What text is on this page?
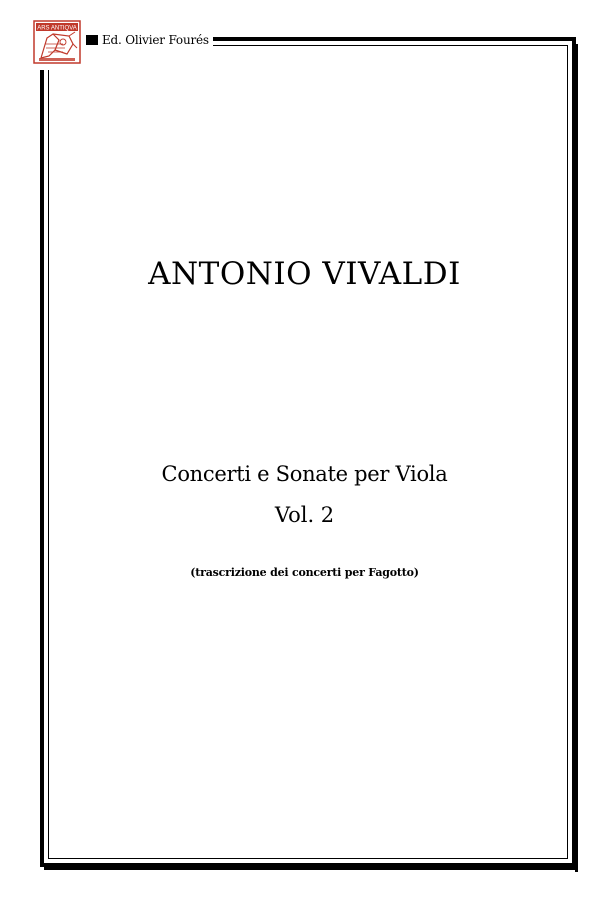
ARS ANTIQVA
Ed. Olivier Fourés
ANTONIO VIVALDI
Concerti e Sonate per Viola
Vol. 2
(trascrizione dei concerti per Fagotto)
